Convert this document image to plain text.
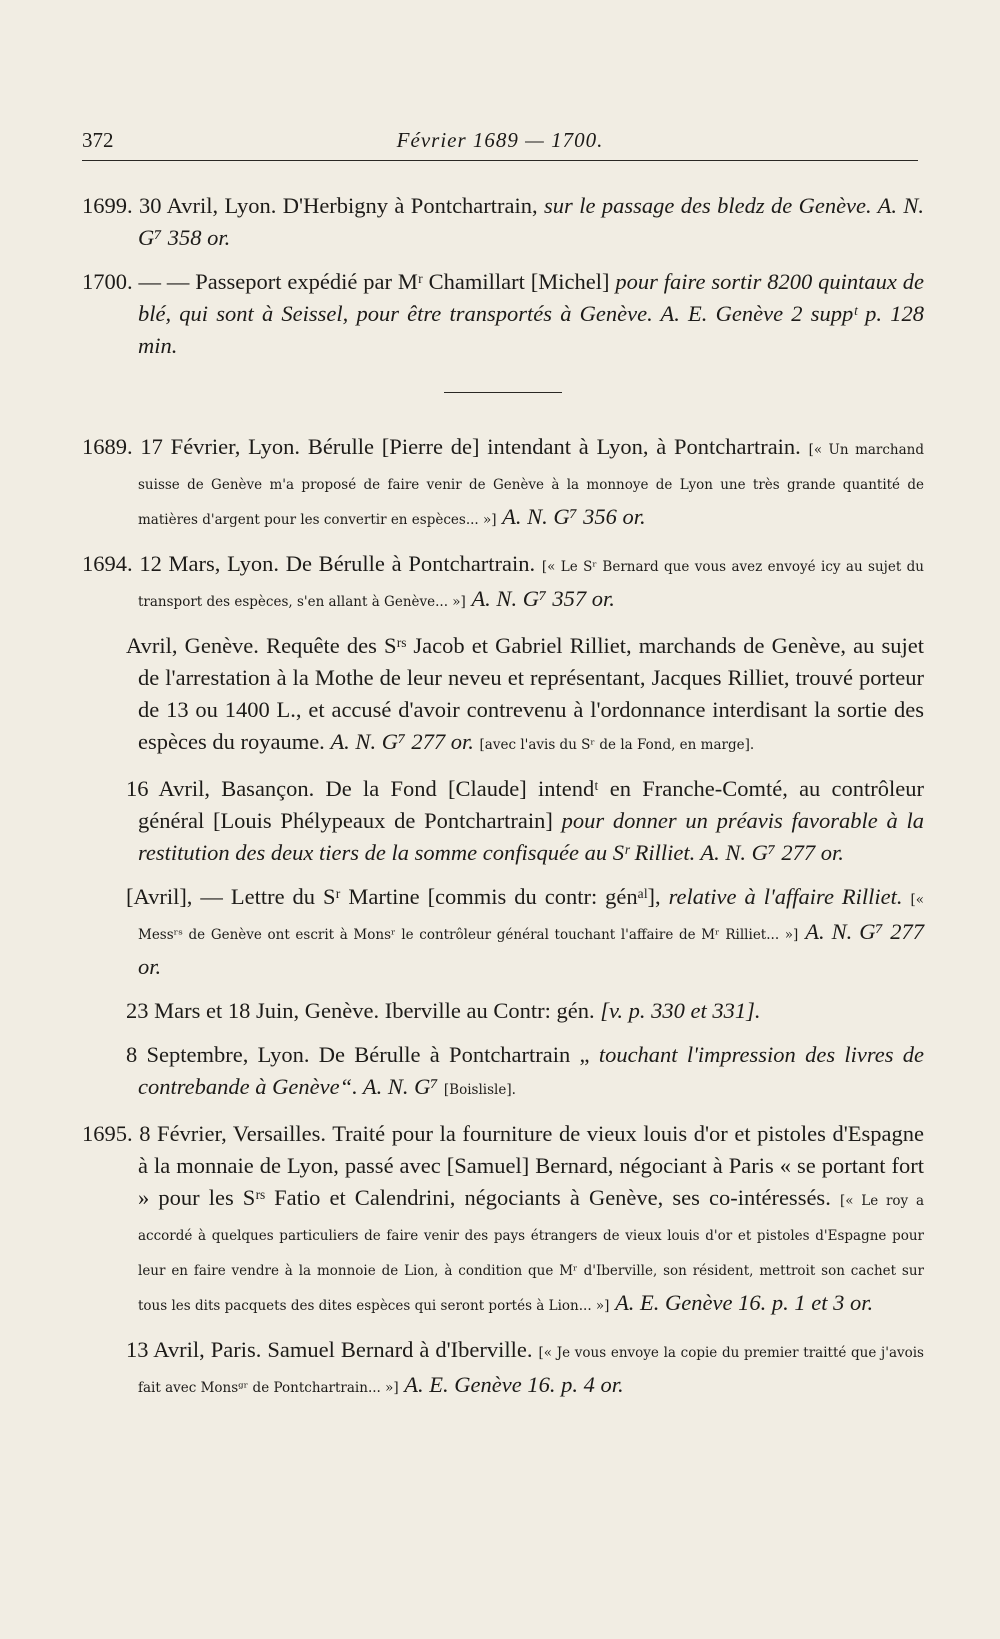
372	Février 1689 — 1700.

1699. 30 Avril, Lyon. D'Herbigny à Pontchartrain, sur le passage des bledz de Genève. A. N. G⁷ 358 or.

1700. — — Passeport expédié par Mʳ Chamillart [Michel] pour faire sortir 8200 quintaux de blé, qui sont à Seissel, pour être transportés à Genève. A. E. Genève 2 suppᵗ p. 128 min.

1689. 17 Février, Lyon. Bérulle [Pierre de] intendant à Lyon, à Pontchartrain. [« Un marchand suisse de Genève m'a proposé de faire venir de Genève à la monnoye de Lyon une très grande quantité de matières d'argent pour les convertir en espèces... »] A. N. G⁷ 356 or.

1694. 12 Mars, Lyon. De Bérulle à Pontchartrain. [« Le Sʳ Bernard que vous avez envoyé icy au sujet du transport des espèces, s'en allant à Genève... »] A. N. G⁷ 357 or.

Avril, Genève. Requête des Sʳˢ Jacob et Gabriel Rilliet, marchands de Genève, au sujet de l'arrestation à la Mothe de leur neveu et représentant, Jacques Rilliet, trouvé porteur de 13 ou 1400 L., et accusé d'avoir contrevenu à l'ordonnance interdisant la sortie des espèces du royaume. A. N. G⁷ 277 or. [avec l'avis du Sʳ de la Fond, en marge].

16 Avril, Basançon. De la Fond [Claude] intendᵗ en Franche-Comté, au contrôleur général [Louis Phélypeaux de Pontchartrain] pour donner un préavis favorable à la restitution des deux tiers de la somme confisquée au Sʳ Rilliet. A. N. G⁷ 277 or.

[Avril], — Lettre du Sʳ Martine [commis du contr: génᵃˡ], relative à l'affaire Rilliet. [« Messʳˢ de Genève ont escrit à Monsʳ le contrôleur général touchant l'affaire de Mʳ Rilliet... »] A. N. G⁷ 277 or.

23 Mars et 18 Juin, Genève. Iberville au Contr: gén. [v. p. 330 et 331].

8 Septembre, Lyon. De Bérulle à Pontchartrain „ touchant l'impression des livres de contrebande à Genève“. A. N. G⁷ [Boislisle].

1695. 8 Février, Versailles. Traité pour la fourniture de vieux louis d'or et pistoles d'Espagne à la monnaie de Lyon, passé avec [Samuel] Bernard, négociant à Paris « se portant fort » pour les Sʳˢ Fatio et Calendrini, négociants à Genève, ses co-intéressés. [« Le roy a accordé à quelques particuliers de faire venir des pays étrangers de vieux louis d'or et pistoles d'Espagne pour leur en faire vendre à la monnoie de Lion, à condition que Mʳ d'Iberville, son résident, mettroit son cachet sur tous les dits pacquets des dites espèces qui seront portés à Lion... »] A. E. Genève 16. p. 1 et 3 or.

13 Avril, Paris. Samuel Bernard à d'Iberville. [« Je vous envoye la copie du premier traitté que j'avois fait avec Monsᵍʳ de Pontchartrain... »] A. E. Genève 16. p. 4 or.
